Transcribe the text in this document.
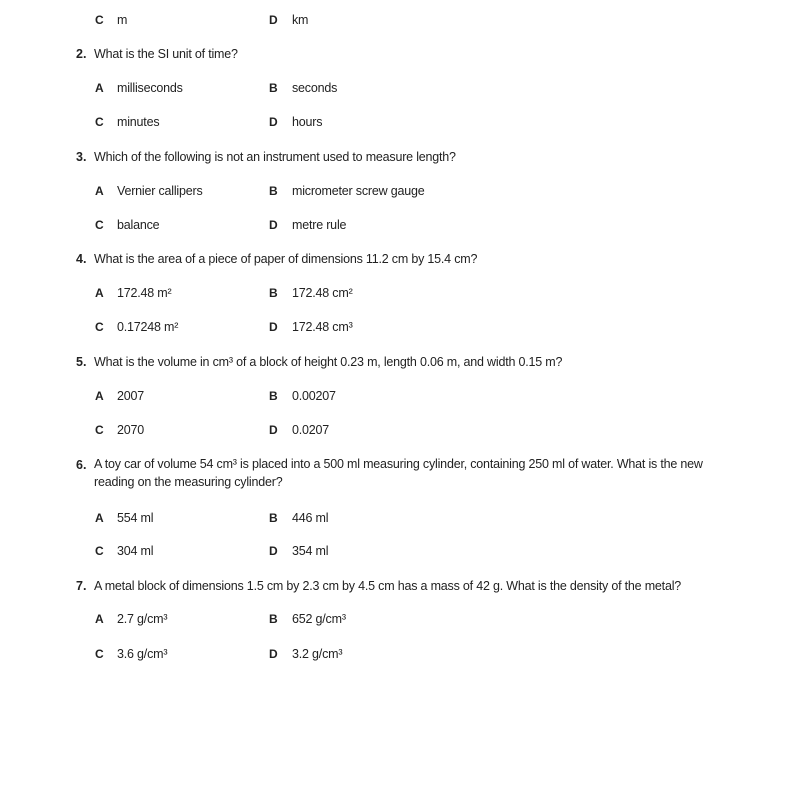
C m	D km
2. What is the SI unit of time?
A milliseconds	B seconds
C minutes	D hours
3. Which of the following is not an instrument used to measure length?
A Vernier callipers	B micrometer screw gauge
C balance	D metre rule
4. What is the area of a piece of paper of dimensions 11.2 cm by 15.4 cm?
A 172.48 m²	B 172.48 cm²
C 0.17248 m²	D 172.48 cm³
5. What is the volume in cm³ of a block of height 0.23 m, length 0.06 m, and width 0.15 m?
A 2007	B 0.00207
C 2070	D 0.0207
6. A toy car of volume 54 cm³ is placed into a 500 ml measuring cylinder, containing 250 ml of water. What is the new reading on the measuring cylinder?
A 554 ml	B 446 ml
C 304 ml	D 354 ml
7. A metal block of dimensions 1.5 cm by 2.3 cm by 4.5 cm has a mass of 42 g. What is the density of the metal?
A 2.7 g/cm³	B 652 g/cm³
C 3.6 g/cm³	D 3.2 g/cm³
